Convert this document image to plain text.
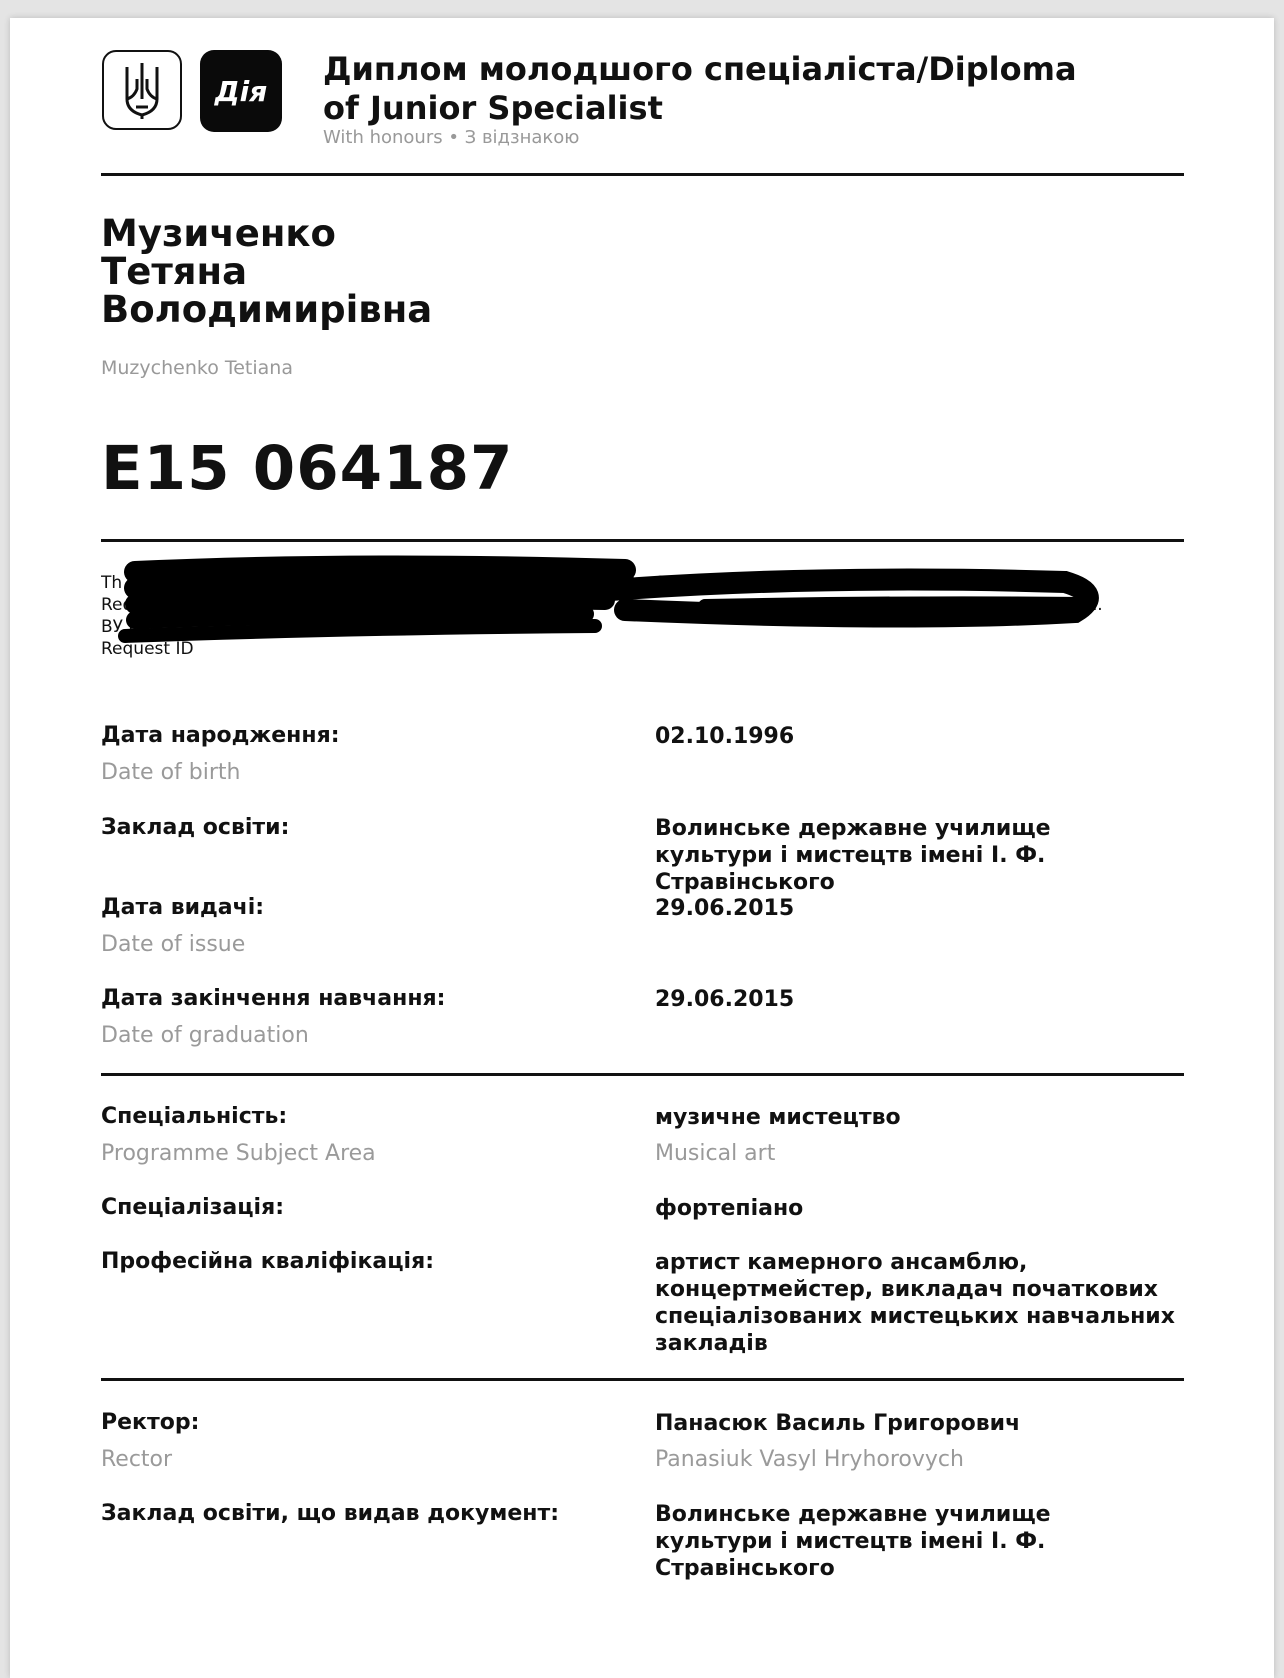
Дія
Диплом молодшого спеціаліста/Diploma of Junior Specialist
With honours • З відзнакою
Музиченко
Тетяна
Володимирівна
Muzychenko Tetiana
E15 064187
Th	22:05:21
Request i	/сп.
ВУ кон
Request ID
Дата народження:
Date of birth
02.10.1996
Заклад освіти:	Волинське державне училище культури і мистецтв імені І. Ф. Стравінського
Дата видачі:
Date of issue
29.06.2015
Дата закінчення навчання:
Date of graduation
29.06.2015
Спеціальність:
Programme Subject Area
музичне мистецтво
Musical art
Спеціалізація:	фортепіано
Професійна кваліфікація:	артист камерного ансамблю, концертмейстер, викладач початкових спеціалізованих мистецьких навчальних закладів
Ректор:
Rector
Панасюк Василь Григорович
Panasiuk Vasyl Hryhorovych
Заклад освіти, що видав документ:	Волинське державне училище культури і мистецтв імені І. Ф. Стравінського
